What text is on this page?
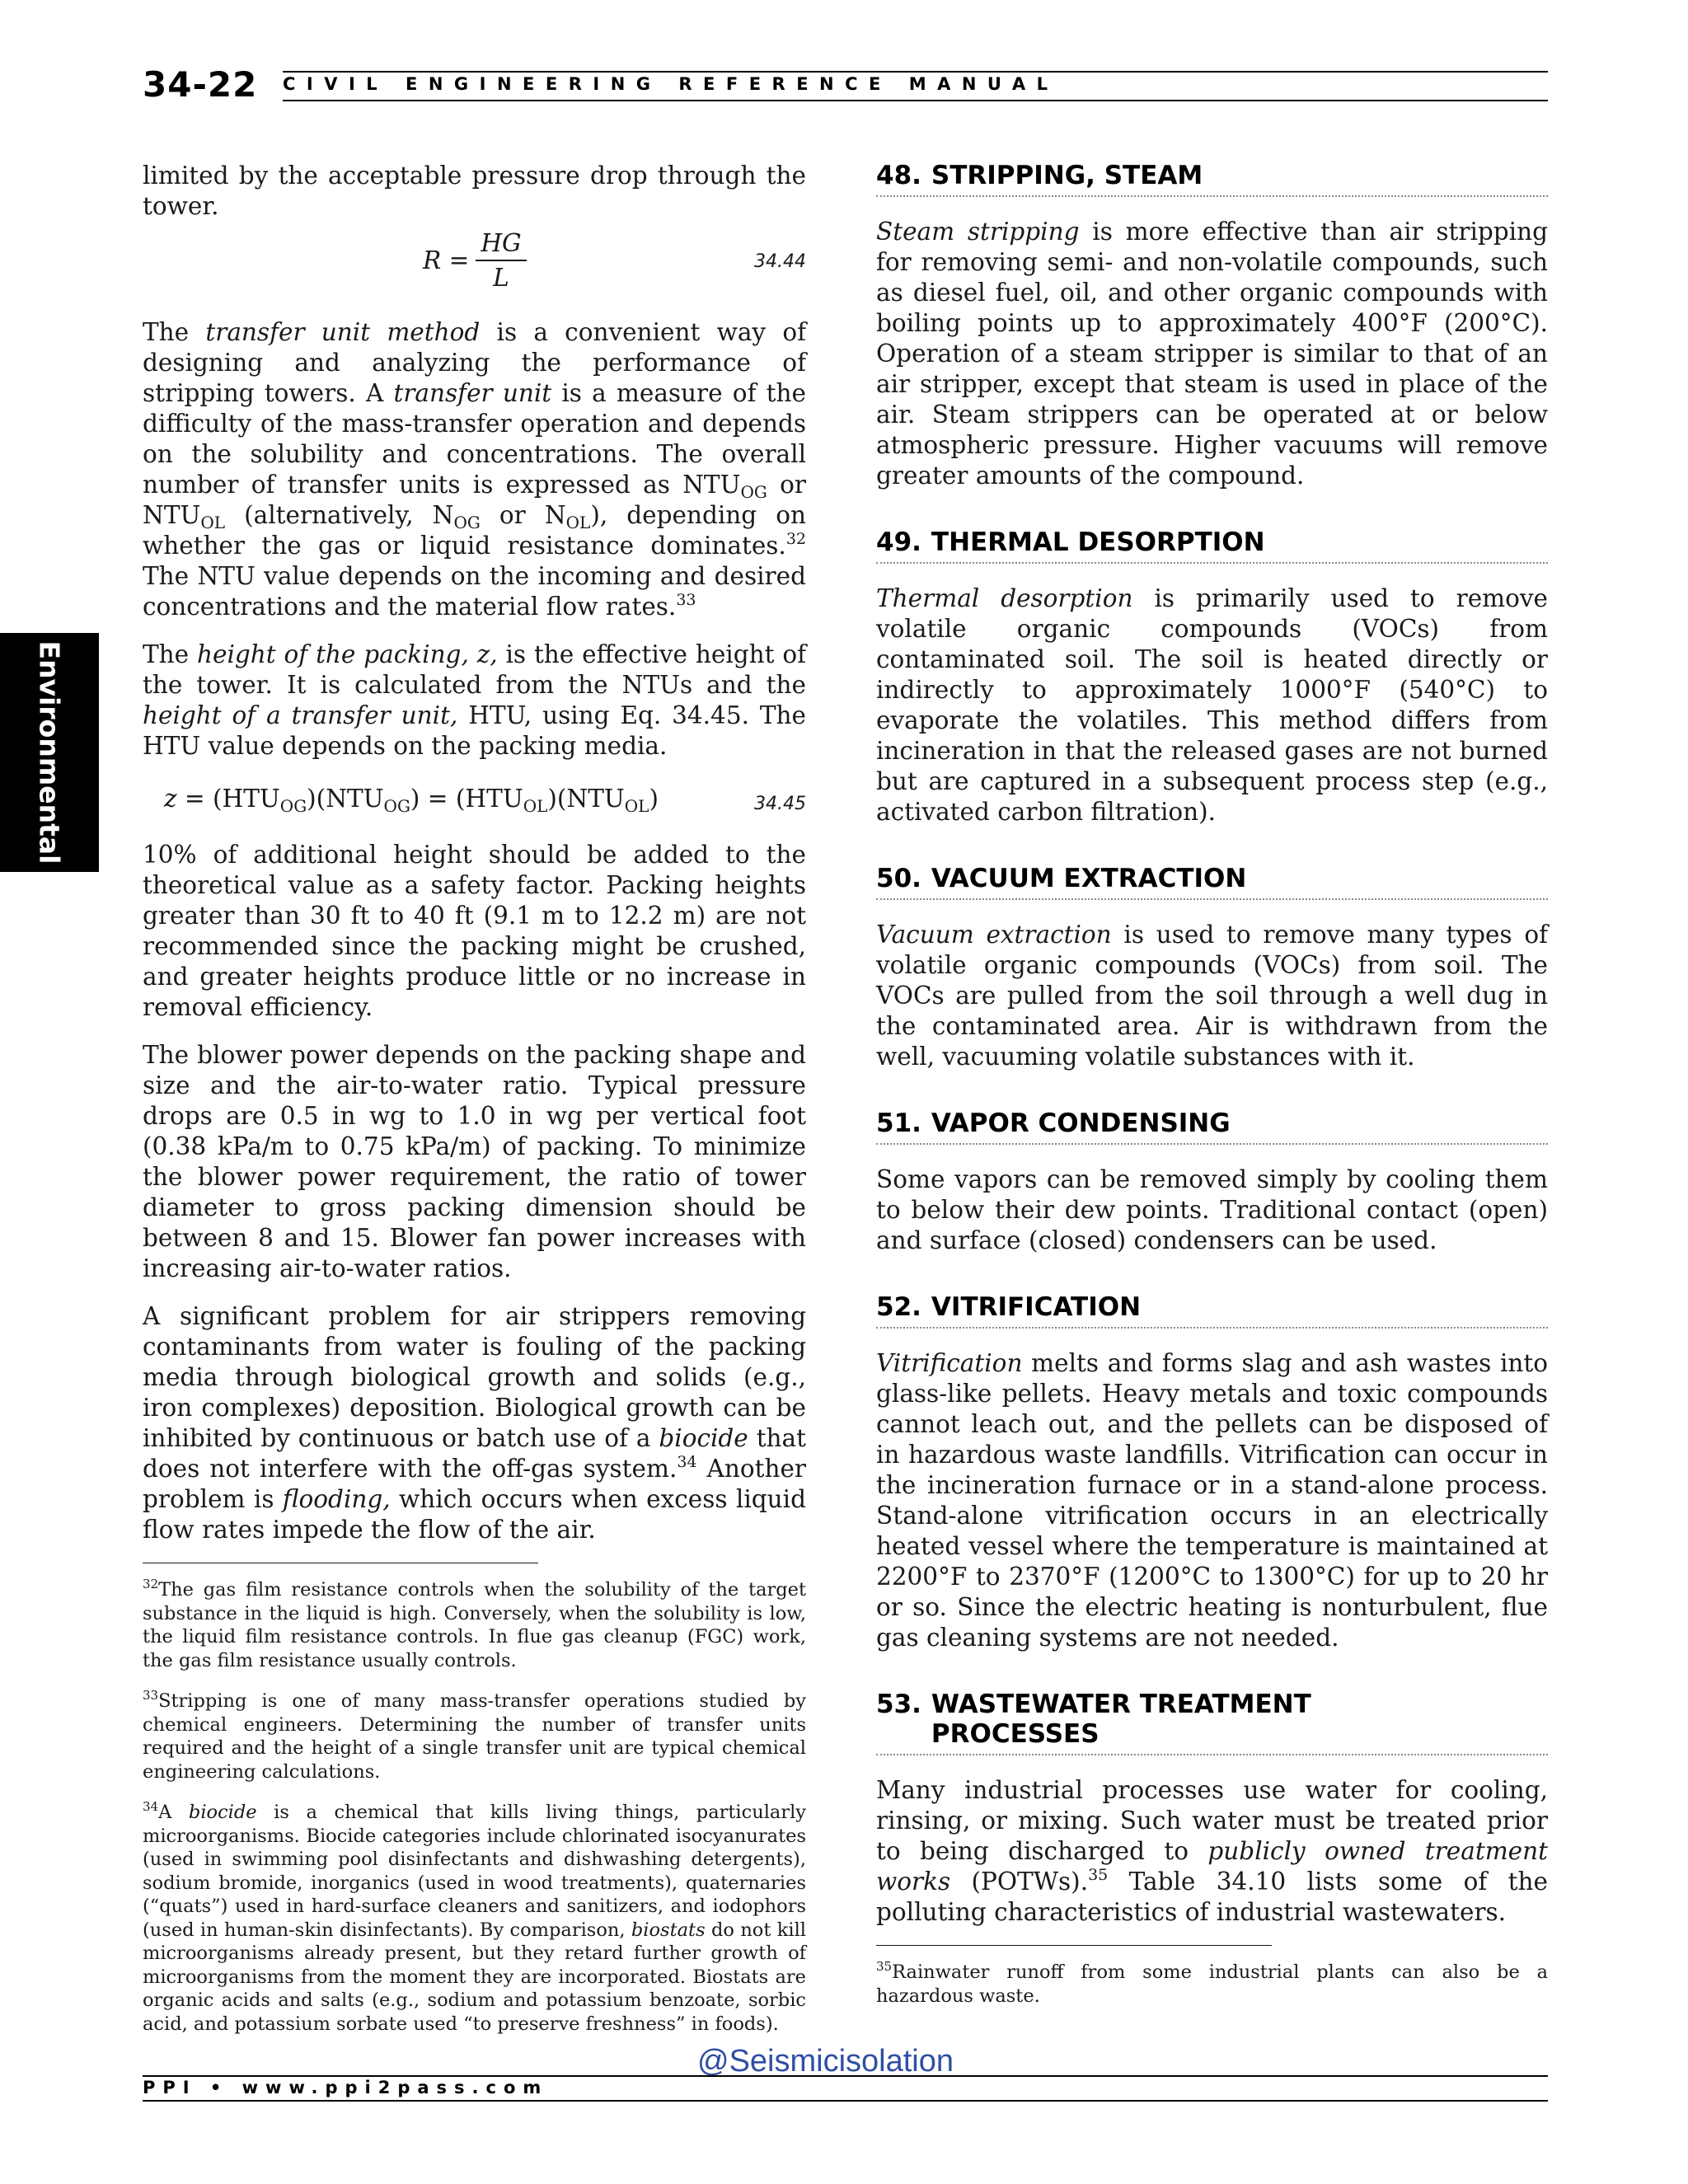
34-22 CIVIL ENGINEERING REFERENCE MANUAL
Environmental

limited by the acceptable pressure drop through the tower.

$R = \frac{HG}{L}$	34.44

The transfer unit method is a convenient way of designing and analyzing the performance of stripping towers. A transfer unit is a measure of the difficulty of the mass-transfer operation and depends on the solubility and concentrations. The overall number of transfer units is expressed as $NTU_{OG}$ or $NTU_{OL}$ (alternatively, $N_{OG}$ or $N_{OL}$), depending on whether the gas or liquid resistance dominates.$^{32}$ The NTU value depends on the incoming and desired concentrations and the material flow rates.$^{33}$

The height of the packing, z, is the effective height of the tower. It is calculated from the NTUs and the height of a transfer unit, HTU, using Eq. 34.45. The HTU value depends on the packing media.

$z = (HTU_{OG})(NTU_{OG}) = (HTU_{OL})(NTU_{OL})$	34.45

10% of additional height should be added to the theoretical value as a safety factor. Packing heights greater than 30 ft to 40 ft (9.1 m to 12.2 m) are not recommended since the packing might be crushed, and greater heights produce little or no increase in removal efficiency.

The blower power depends on the packing shape and size and the air-to-water ratio. Typical pressure drops are 0.5 in wg to 1.0 in wg per vertical foot (0.38 kPa/m to 0.75 kPa/m) of packing. To minimize the blower power requirement, the ratio of tower diameter to gross packing dimension should be between 8 and 15. Blower fan power increases with increasing air-to-water ratios.

A significant problem for air strippers removing contaminants from water is fouling of the packing media through biological growth and solids (e.g., iron complexes) deposition. Biological growth can be inhibited by continuous or batch use of a biocide that does not interfere with the off-gas system.$^{34}$ Another problem is flooding, which occurs when excess liquid flow rates impede the flow of the air.

$^{32}$The gas film resistance controls when the solubility of the target substance in the liquid is high. Conversely, when the solubility is low, the liquid film resistance controls. In flue gas cleanup (FGC) work, the gas film resistance usually controls.

$^{33}$Stripping is one of many mass-transfer operations studied by chemical engineers. Determining the number of transfer units required and the height of a single transfer unit are typical chemical engineering calculations.

$^{34}$A biocide is a chemical that kills living things, particularly microorganisms. Biocide categories include chlorinated isocyanurates (used in swimming pool disinfectants and dishwashing detergents), sodium bromide, inorganics (used in wood treatments), quaternaries (“quats”) used in hard-surface cleaners and sanitizers, and iodophors (used in human-skin disinfectants). By comparison, biostats do not kill microorganisms already present, but they retard further growth of microorganisms from the moment they are incorporated. Biostats are organic acids and salts (e.g., sodium and potassium benzoate, sorbic acid, and potassium sorbate used “to preserve freshness” in foods).

48. STRIPPING, STEAM

Steam stripping is more effective than air stripping for removing semi- and non-volatile compounds, such as diesel fuel, oil, and other organic compounds with boiling points up to approximately 400°F (200°C). Operation of a steam stripper is similar to that of an air stripper, except that steam is used in place of the air. Steam strippers can be operated at or below atmospheric pressure. Higher vacuums will remove greater amounts of the compound.

49. THERMAL DESORPTION

Thermal desorption is primarily used to remove volatile organic compounds (VOCs) from contaminated soil. The soil is heated directly or indirectly to approximately 1000°F (540°C) to evaporate the volatiles. This method differs from incineration in that the released gases are not burned but are captured in a subsequent process step (e.g., activated carbon filtration).

50. VACUUM EXTRACTION

Vacuum extraction is used to remove many types of volatile organic compounds (VOCs) from soil. The VOCs are pulled from the soil through a well dug in the contaminated area. Air is withdrawn from the well, vacuuming volatile substances with it.

51. VAPOR CONDENSING

Some vapors can be removed simply by cooling them to below their dew points. Traditional contact (open) and surface (closed) condensers can be used.

52. VITRIFICATION

Vitrification melts and forms slag and ash wastes into glass-like pellets. Heavy metals and toxic compounds cannot leach out, and the pellets can be disposed of in hazardous waste landfills. Vitrification can occur in the incineration furnace or in a stand-alone process. Stand-alone vitrification occurs in an electrically heated vessel where the temperature is maintained at 2200°F to 2370°F (1200°C to 1300°C) for up to 20 hr or so. Since the electric heating is nonturbulent, flue gas cleaning systems are not needed.

53. WASTEWATER TREATMENT PROCESSES

Many industrial processes use water for cooling, rinsing, or mixing. Such water must be treated prior to being discharged to publicly owned treatment works (POTWs).$^{35}$ Table 34.10 lists some of the polluting characteristics of industrial wastewaters.

$^{35}$Rainwater runoff from some industrial plants can also be a hazardous waste.

@Seismicisolation
PPI • www.ppi2pass.com
